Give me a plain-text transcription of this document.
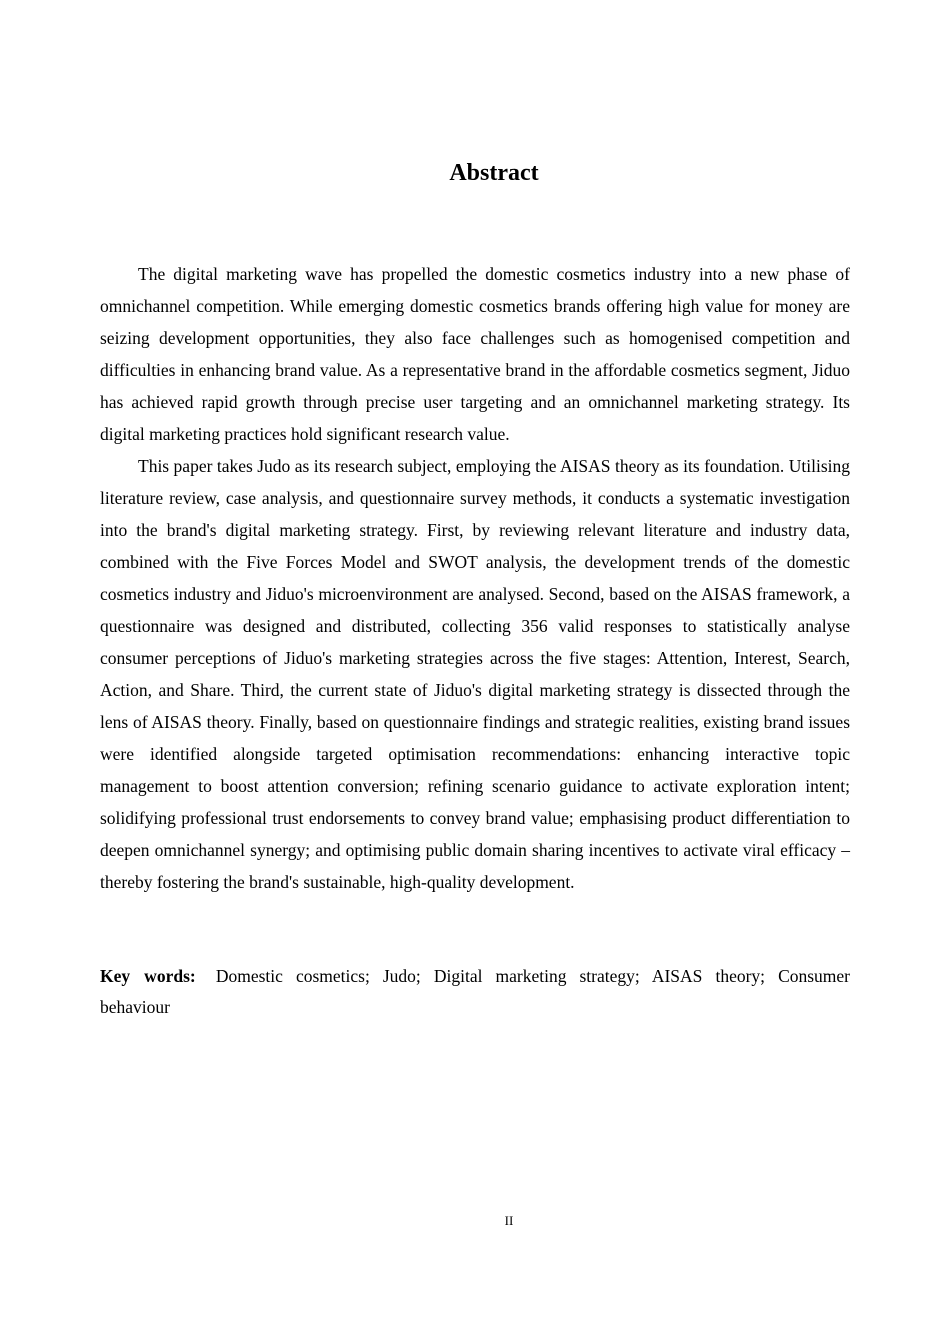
Abstract

The digital marketing wave has propelled the domestic cosmetics industry into a new phase of omnichannel competition. While emerging domestic cosmetics brands offering high value for money are seizing development opportunities, they also face challenges such as homogenised competition and difficulties in enhancing brand value. As a representative brand in the affordable cosmetics segment, Jiduo has achieved rapid growth through precise user targeting and an omnichannel marketing strategy. Its digital marketing practices hold significant research value.

This paper takes Judo as its research subject, employing the AISAS theory as its foundation. Utilising literature review, case analysis, and questionnaire survey methods, it conducts a systematic investigation into the brand's digital marketing strategy. First, by reviewing relevant literature and industry data, combined with the Five Forces Model and SWOT analysis, the development trends of the domestic cosmetics industry and Jiduo's microenvironment are analysed. Second, based on the AISAS framework, a questionnaire was designed and distributed, collecting 356 valid responses to statistically analyse consumer perceptions of Jiduo's marketing strategies across the five stages: Attention, Interest, Search, Action, and Share. Third, the current state of Jiduo's digital marketing strategy is dissected through the lens of AISAS theory. Finally, based on questionnaire findings and strategic realities, existing brand issues were identified alongside targeted optimisation recommendations: enhancing interactive topic management to boost attention conversion; refining scenario guidance to activate exploration intent; solidifying professional trust endorsements to convey brand value; emphasising product differentiation to deepen omnichannel synergy; and optimising public domain sharing incentives to activate viral efficacy – thereby fostering the brand's sustainable, high-quality development.

Key words: Domestic cosmetics; Judo; Digital marketing strategy; AISAS theory; Consumer behaviour

II
